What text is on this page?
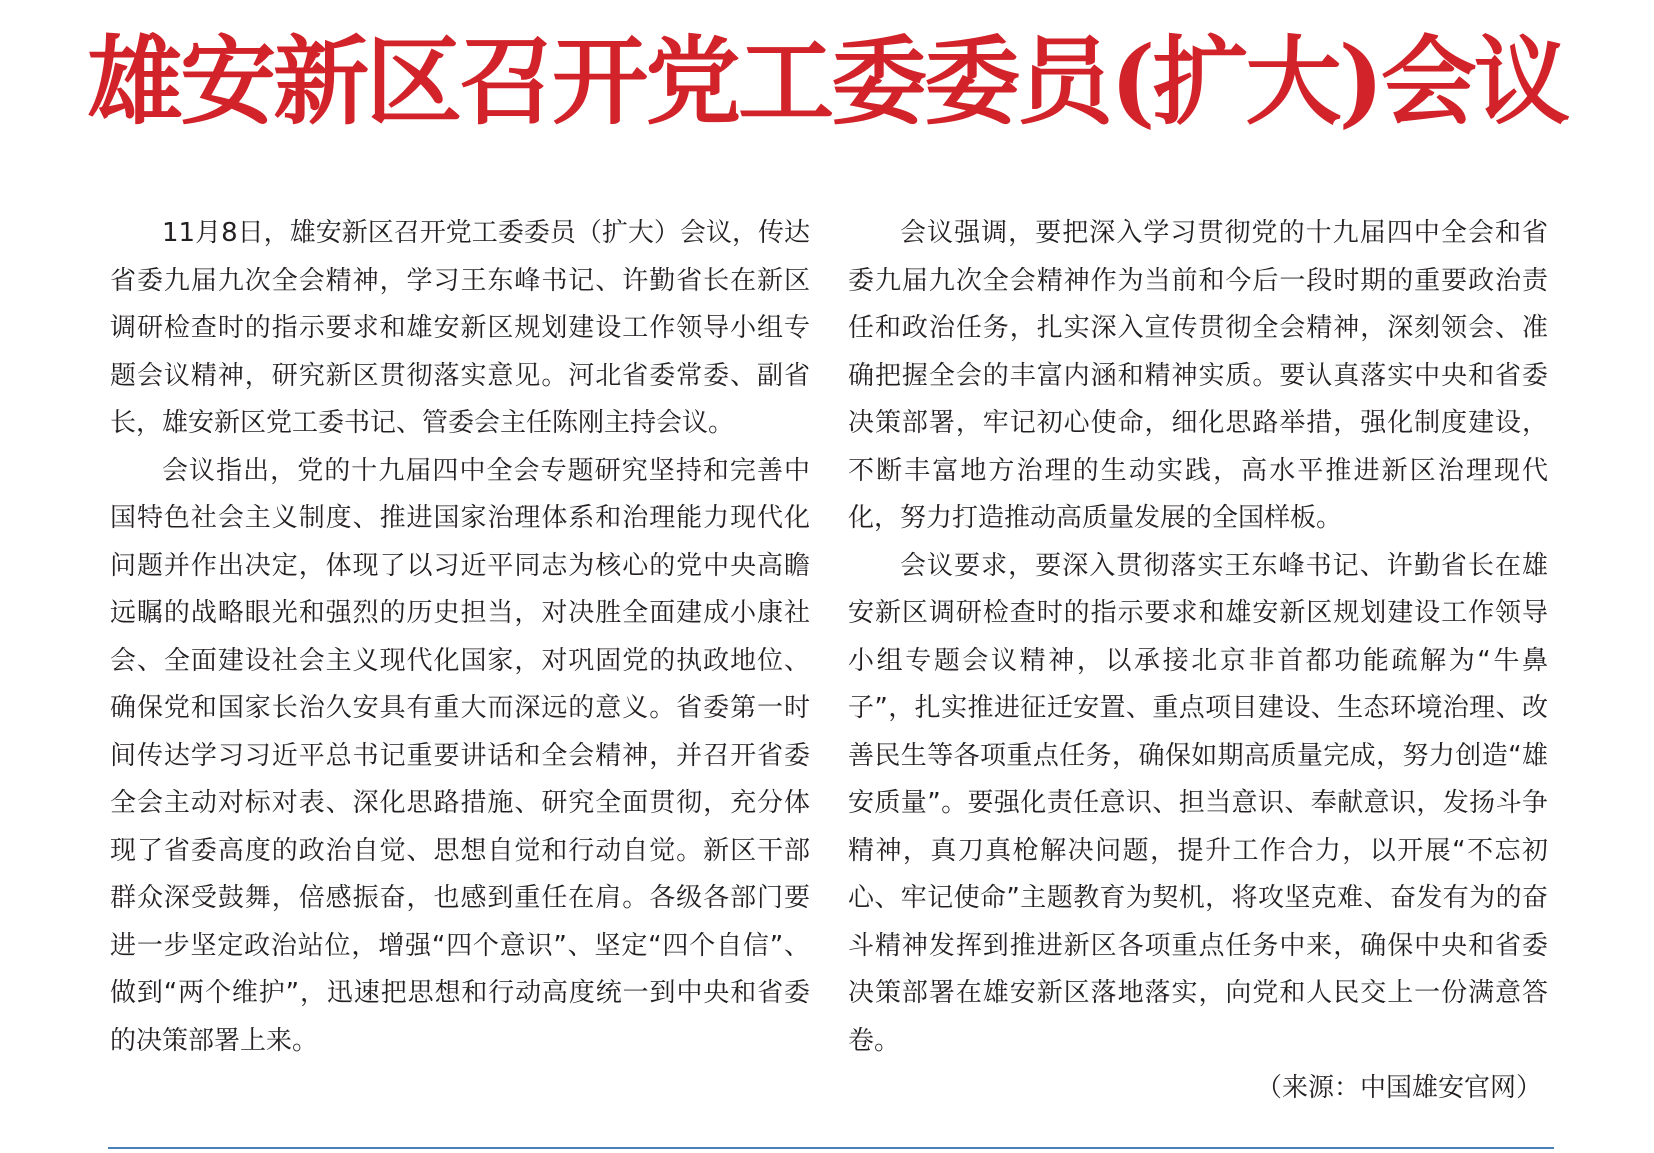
雄安新区召开党工委委员(扩大)会议

11月8日，雄安新区召开党工委委员（扩大）会议，传达省委九届九次全会精神，学习王东峰书记、许勤省长在新区调研检查时的指示要求和雄安新区规划建设工作领导小组专题会议精神，研究新区贯彻落实意见。河北省委常委、副省长，雄安新区党工委书记、管委会主任陈刚主持会议。

会议指出，党的十九届四中全会专题研究坚持和完善中国特色社会主义制度、推进国家治理体系和治理能力现代化问题并作出决定，体现了以习近平同志为核心的党中央高瞻远瞩的战略眼光和强烈的历史担当，对决胜全面建成小康社会、全面建设社会主义现代化国家，对巩固党的执政地位、确保党和国家长治久安具有重大而深远的意义。省委第一时间传达学习习近平总书记重要讲话和全会精神，并召开省委全会主动对标对表、深化思路措施、研究全面贯彻，充分体现了省委高度的政治自觉、思想自觉和行动自觉。新区干部群众深受鼓舞，倍感振奋，也感到重任在肩。各级各部门要进一步坚定政治站位，增强“四个意识”、坚定“四个自信”、做到“两个维护”，迅速把思想和行动高度统一到中央和省委的决策部署上来。

会议强调，要把深入学习贯彻党的十九届四中全会和省委九届九次全会精神作为当前和今后一段时期的重要政治责任和政治任务，扎实深入宣传贯彻全会精神，深刻领会、准确把握全会的丰富内涵和精神实质。要认真落实中央和省委决策部署，牢记初心使命，细化思路举措，强化制度建设，不断丰富地方治理的生动实践，高水平推进新区治理现代化，努力打造推动高质量发展的全国样板。

会议要求，要深入贯彻落实王东峰书记、许勤省长在雄安新区调研检查时的指示要求和雄安新区规划建设工作领导小组专题会议精神，以承接北京非首都功能疏解为“牛鼻子”，扎实推进征迁安置、重点项目建设、生态环境治理、改善民生等各项重点任务，确保如期高质量完成，努力创造“雄安质量”。要强化责任意识、担当意识、奉献意识，发扬斗争精神，真刀真枪解决问题，提升工作合力，以开展“不忘初心、牢记使命”主题教育为契机，将攻坚克难、奋发有为的奋斗精神发挥到推进新区各项重点任务中来，确保中央和省委决策部署在雄安新区落地落实，向党和人民交上一份满意答卷。

（来源：中国雄安官网）
